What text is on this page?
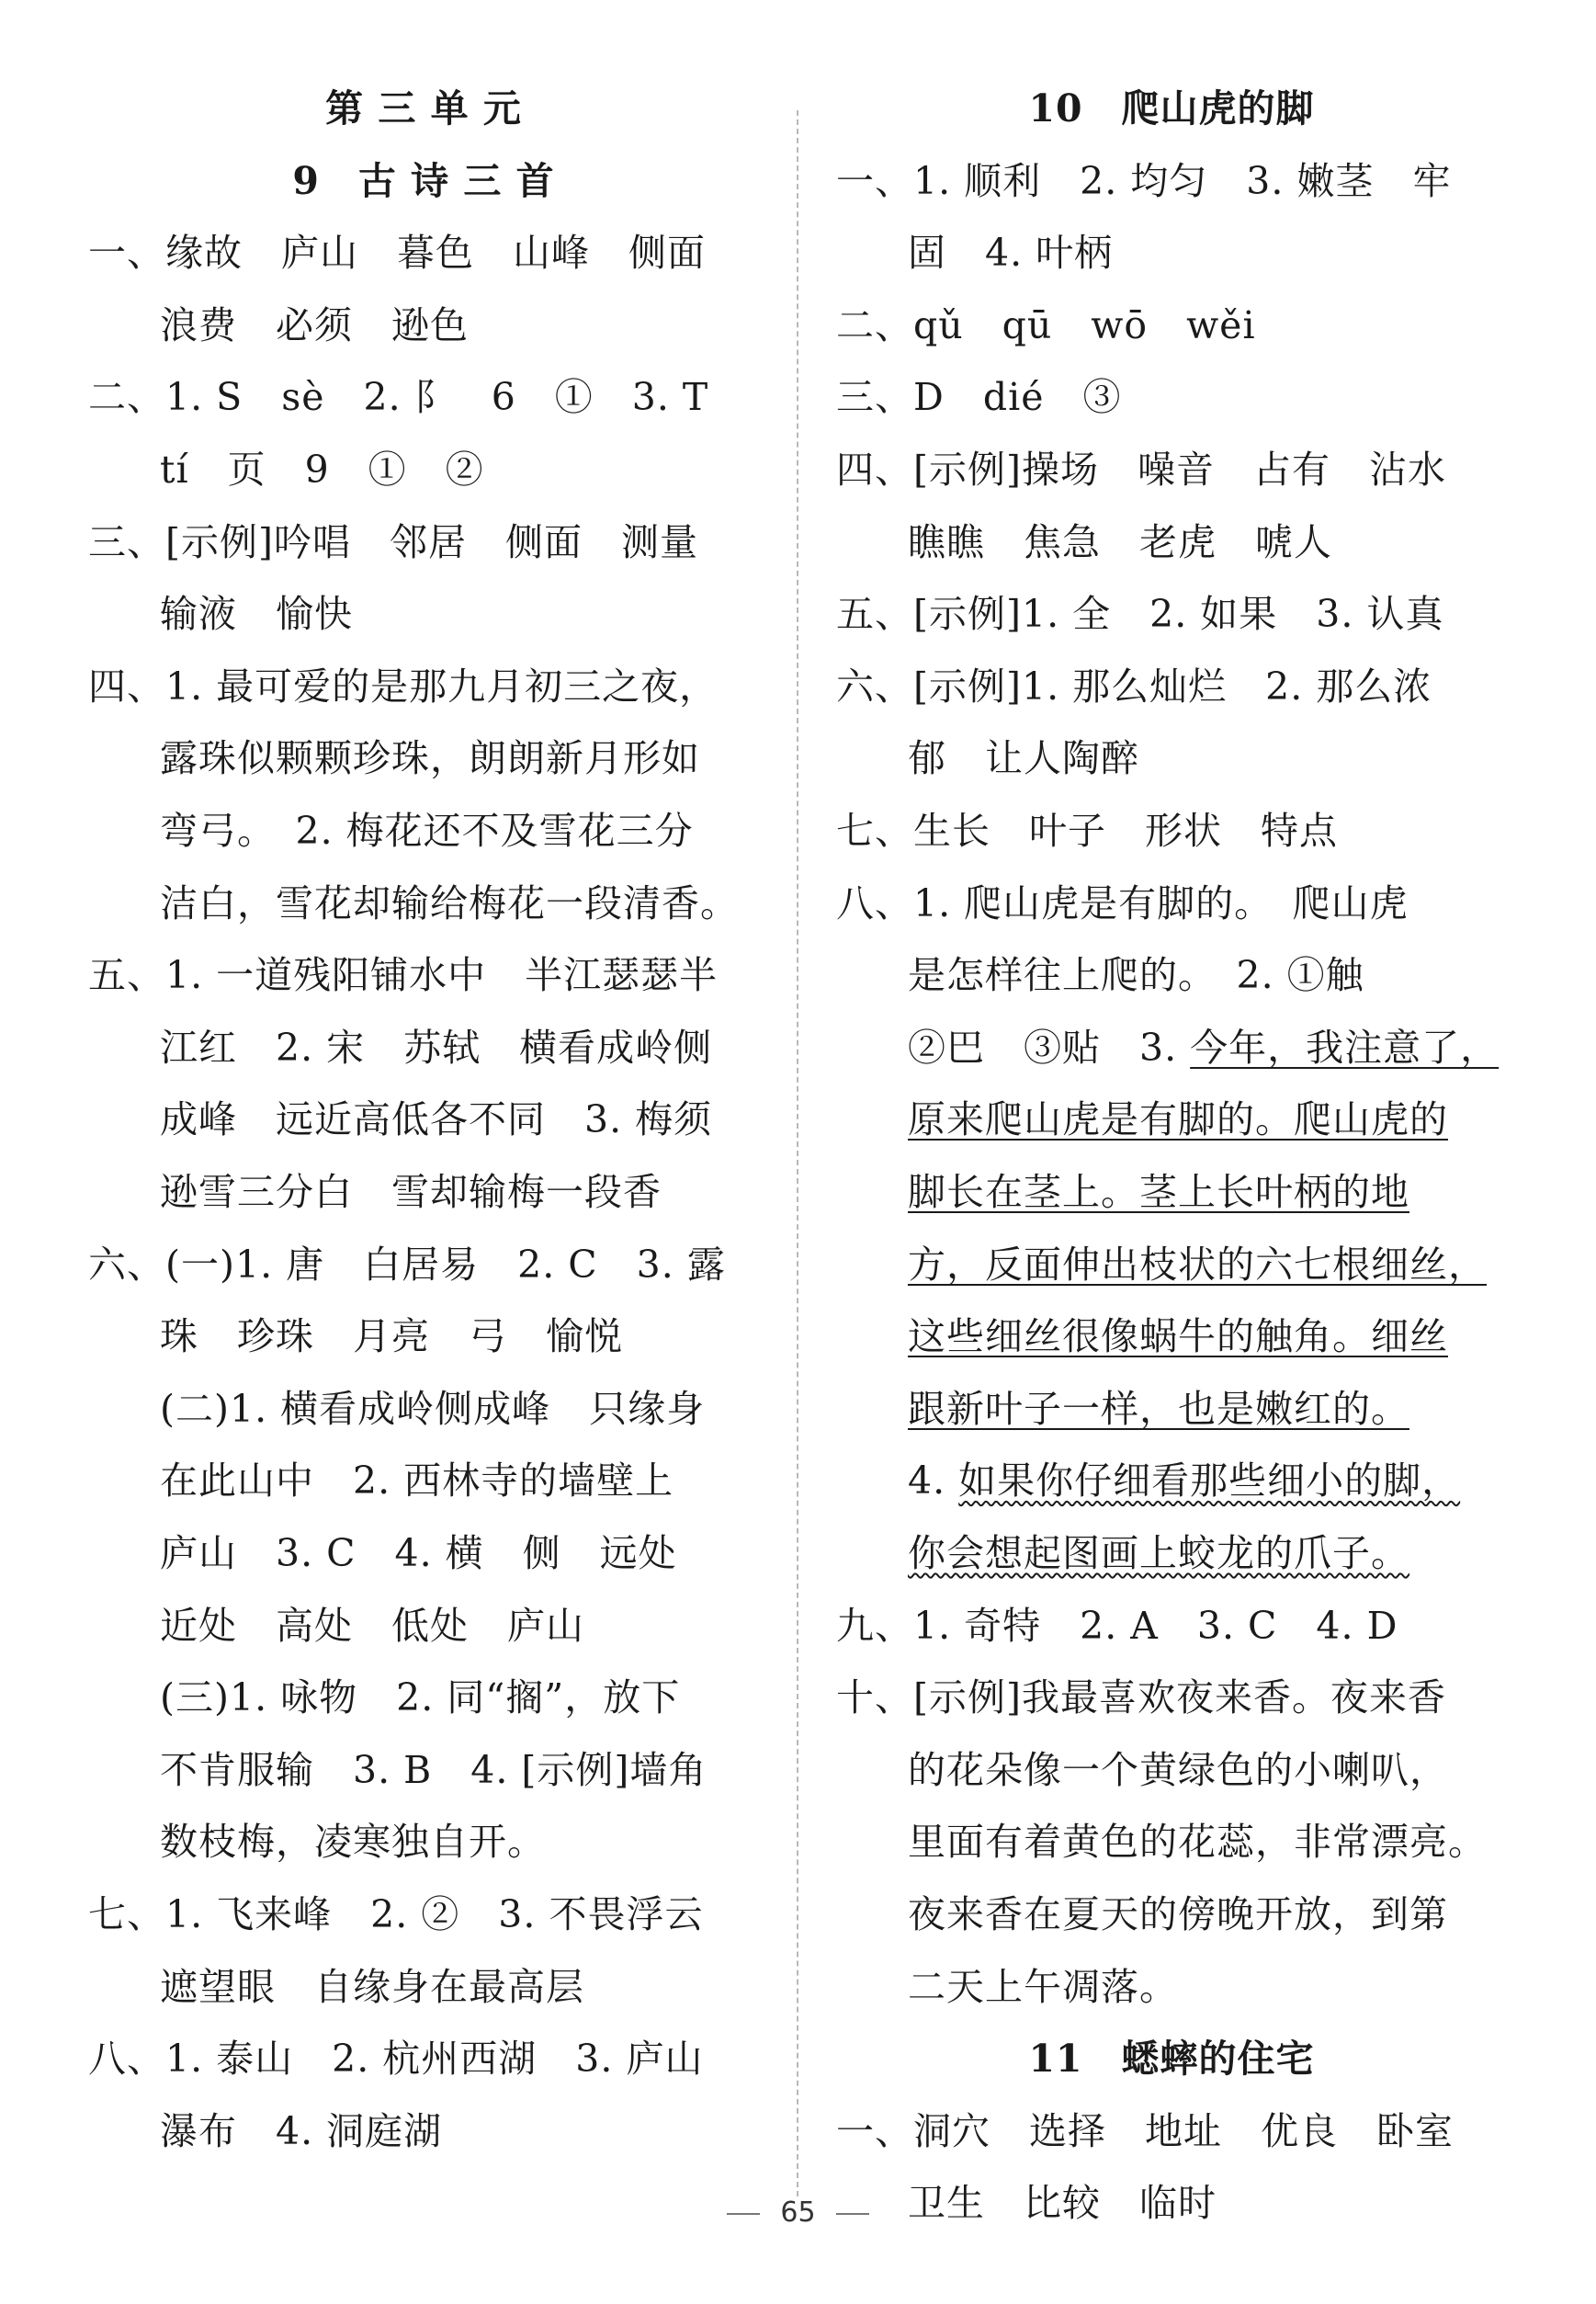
第 三 单 元
9　古 诗 三 首
一、缘故　庐山　暮色　山峰　侧面
浪费　必须　逊色
二、1. S　sè　2. 阝　6　①　3. T
tí　页　9　①　②
三、[示例]吟唱　邻居　侧面　测量
输液　愉快
四、1. 最可爱的是那九月初三之夜，
露珠似颗颗珍珠，朗朗新月形如
弯弓。　2. 梅花还不及雪花三分
洁白，雪花却输给梅花一段清香。
五、1. 一道残阳铺水中　半江瑟瑟半
江红　2. 宋　苏轼　横看成岭侧
成峰　远近高低各不同　3. 梅须
逊雪三分白　雪却输梅一段香
六、(一)1. 唐　白居易　2. C　3. 露
珠　珍珠　月亮　弓　愉悦
(二)1. 横看成岭侧成峰　只缘身
在此山中　2. 西林寺的墙壁上
庐山　3. C　4. 横　侧　远处
近处　高处　低处　庐山
(三)1. 咏物　2. 同“搁”，放下
不肯服输　3. B　4. [示例]墙角
数枝梅，凌寒独自开。
七、1. 飞来峰　2. ②　3. 不畏浮云
遮望眼　自缘身在最高层
八、1. 泰山　2. 杭州西湖　3. 庐山
瀑布　4. 洞庭湖
10　爬山虎的脚
一、1. 顺利　2. 均匀　3. 嫩茎　牢
固　4. 叶柄
二、qǔ　qū　wō　wěi
三、D　dié　③
四、[示例]操场　噪音　占有　沾水
瞧瞧　焦急　老虎　唬人
五、[示例]1. 全　2. 如果　3. 认真
六、[示例]1. 那么灿烂　2. 那么浓
郁　让人陶醉
七、生长　叶子　形状　特点
八、1. 爬山虎是有脚的。　爬山虎
是怎样往上爬的。　2. ①触
②巴　③贴　3. 今年，我注意了，
原来爬山虎是有脚的。爬山虎的
脚长在茎上。茎上长叶柄的地
方，反面伸出枝状的六七根细丝，
这些细丝很像蜗牛的触角。细丝
跟新叶子一样，也是嫩红的。
4. 如果你仔细看那些细小的脚，
你会想起图画上蛟龙的爪子。
九、1. 奇特　2. A　3. C　4. D
十、[示例]我最喜欢夜来香。夜来香
的花朵像一个黄绿色的小喇叭，
里面有着黄色的花蕊，非常漂亮。
夜来香在夏天的傍晚开放，到第
二天上午凋落。
11　蟋蟀的住宅
一、洞穴　选择　地址　优良　卧室
卫生　比较　临时
65
